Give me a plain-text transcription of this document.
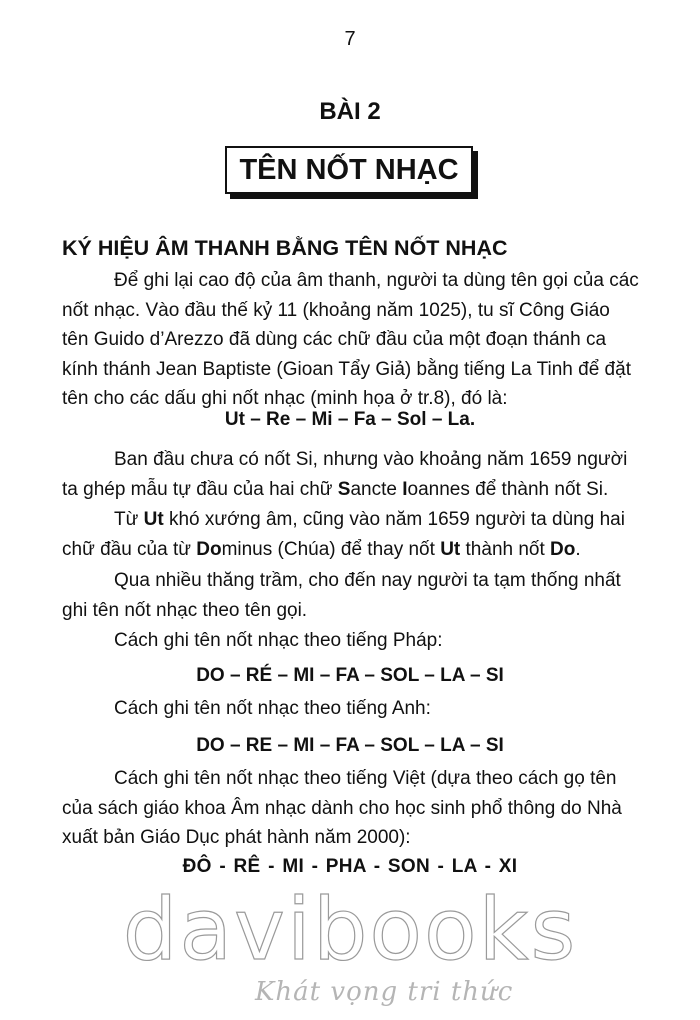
7
BÀI 2
TÊN NỐT NHẠC
KÝ HIỆU ÂM THANH BẰNG TÊN NỐT NHẠC

Để ghi lại cao độ của âm thanh, người ta dùng tên gọi của các nốt nhạc. Vào đầu thế kỷ 11 (khoảng năm 1025), tu sĩ Công Giáo tên Guido d’Arezzo đã dùng các chữ đầu của một đoạn thánh ca kính thánh Jean Baptiste (Gioan Tẩy Giả) bằng tiếng La Tinh để đặt tên cho các dấu ghi nốt nhạc (minh họa ở tr.8), đó là:

Ut – Re – Mi – Fa – Sol – La.

Ban đầu chưa có nốt Si, nhưng vào khoảng năm 1659 người ta ghép mẫu tự đầu của hai chữ Sancte Ioannes để thành nốt Si.

Từ Ut khó xướng âm, cũng vào năm 1659 người ta dùng hai chữ đầu của từ Dominus (Chúa) để thay nốt Ut thành nốt Do.

Qua nhiều thăng trầm, cho đến nay người ta tạm thống nhất ghi tên nốt nhạc theo tên gọi.

Cách ghi tên nốt nhạc theo tiếng Pháp:

DO – RÉ – MI – FA – SOL – LA – SI

Cách ghi tên nốt nhạc theo tiếng Anh:

DO – RE – MI – FA – SOL – LA – SI

Cách ghi tên nốt nhạc theo tiếng Việt (dựa theo cách gọ tên của sách giáo khoa Âm nhạc dành cho học sinh phổ thông do Nhà xuất bản Giáo Dục phát hành năm 2000):

ĐÔ - RÊ - MI - PHA - SON - LA - XI
davibooks
Khát vọng tri thức
